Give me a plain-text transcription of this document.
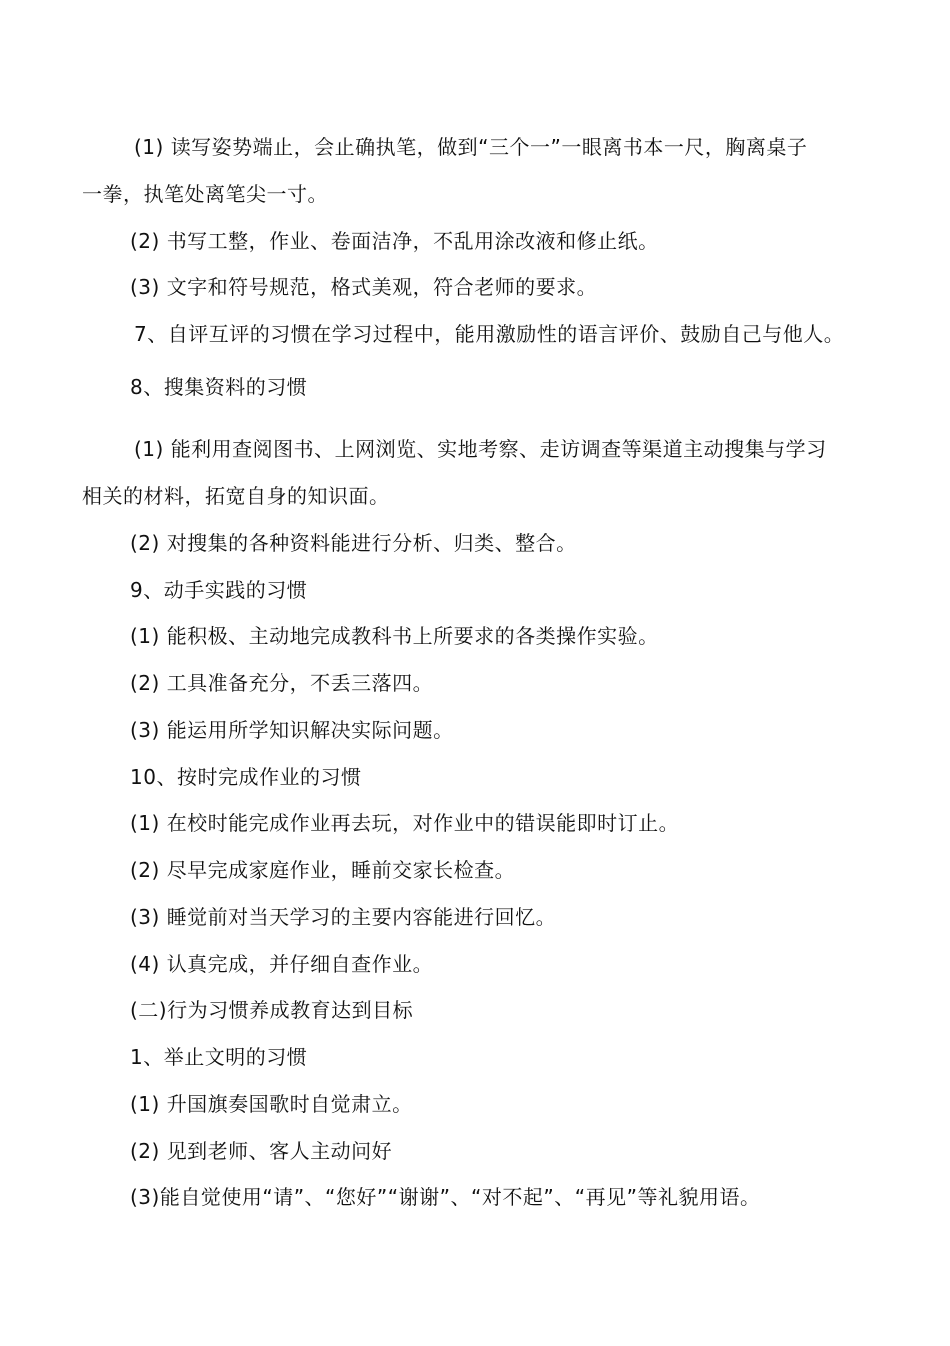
(1) 读写姿势端止，会止确执笔，做到“三个一”一眼离书本一尺，胸离桌子
一拳，执笔处离笔尖一寸。
(2) 书写工整，作业、卷面洁净，不乱用涂改液和修止纸。
(3) 文字和符号规范，格式美观，符合老师的要求。
7、自评互评的习惯在学习过程中，能用激励性的语言评价、鼓励自己与他人。
8、搜集资料的习惯
(1) 能利用查阅图书、上网浏览、实地考察、走访调查等渠道主动搜集与学习
相关的材料，拓宽自身的知识面。
(2) 对搜集的各种资料能进行分析、归类、整合。
9、动手实践的习惯
(1) 能积极、主动地完成教科书上所要求的各类操作实验。
(2) 工具准备充分，不丢三落四。
(3) 能运用所学知识解决实际问题。
10、按时完成作业的习惯
(1) 在校时能完成作业再去玩，对作业中的错误能即时订止。
(2) 尽早完成家庭作业，睡前交家长检查。
(3) 睡觉前对当天学习的主要内容能进行回忆。
(4) 认真完成，并仔细自查作业。
(二)行为习惯养成教育达到目标
1、举止文明的习惯
(1) 升国旗奏国歌时自觉肃立。
(2) 见到老师、客人主动问好
(3)能自觉使用“请”、“您好”“谢谢”、“对不起”、“再见”等礼貌用语。
